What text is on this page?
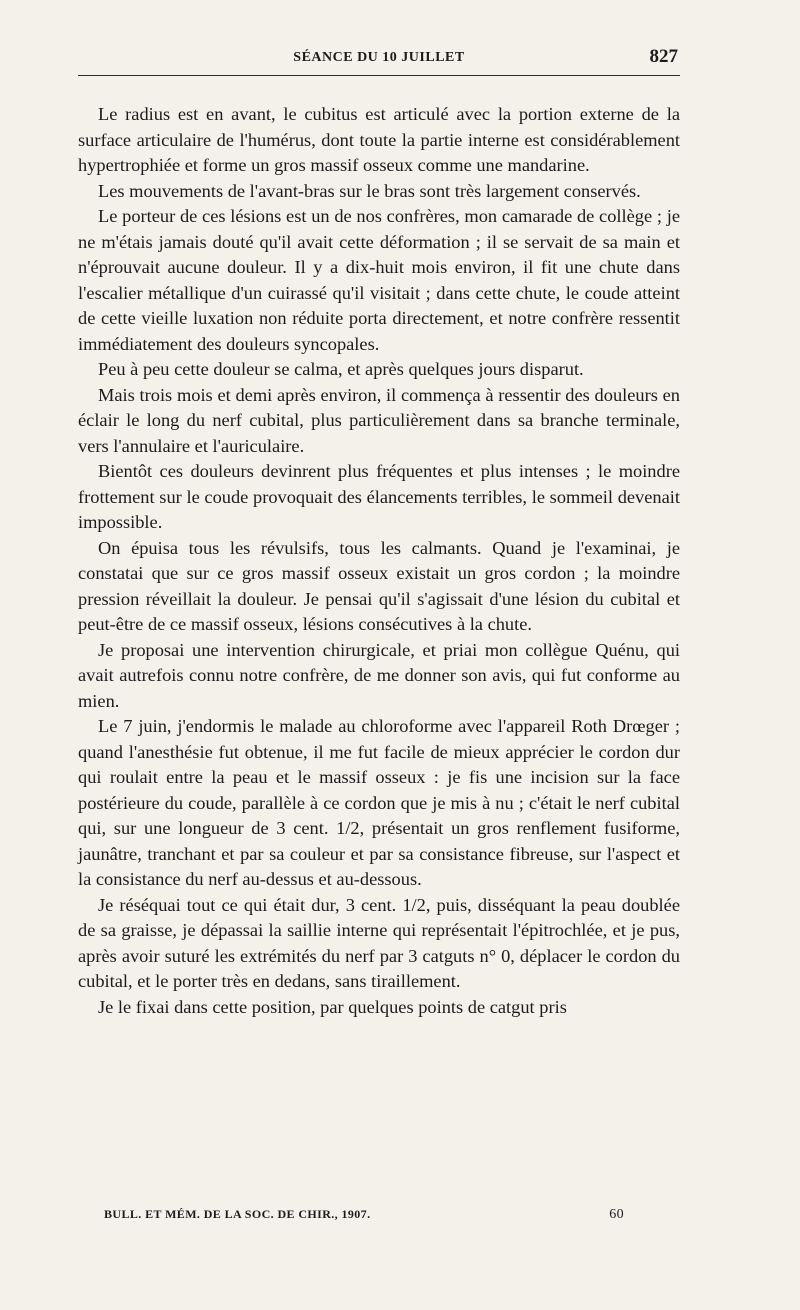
SÉANCE DU 10 JUILLET	827

Le radius est en avant, le cubitus est articulé avec la portion externe de la surface articulaire de l'humérus, dont toute la partie interne est considérablement hypertrophiée et forme un gros massif osseux comme une mandarine.

Les mouvements de l'avant-bras sur le bras sont très largement conservés.

Le porteur de ces lésions est un de nos confrères, mon camarade de collège ; je ne m'étais jamais douté qu'il avait cette déformation ; il se servait de sa main et n'éprouvait aucune douleur. Il y a dix-huit mois environ, il fit une chute dans l'escalier métallique d'un cuirassé qu'il visitait ; dans cette chute, le coude atteint de cette vieille luxation non réduite porta directement, et notre confrère ressentit immédiatement des douleurs syncopales.

Peu à peu cette douleur se calma, et après quelques jours disparut.

Mais trois mois et demi après environ, il commença à ressentir des douleurs en éclair le long du nerf cubital, plus particulièrement dans sa branche terminale, vers l'annulaire et l'auriculaire.

Bientôt ces douleurs devinrent plus fréquentes et plus intenses ; le moindre frottement sur le coude provoquait des élancements terribles, le sommeil devenait impossible.

On épuisa tous les révulsifs, tous les calmants. Quand je l'examinai, je constatai que sur ce gros massif osseux existait un gros cordon ; la moindre pression réveillait la douleur. Je pensai qu'il s'agissait d'une lésion du cubital et peut-être de ce massif osseux, lésions consécutives à la chute.

Je proposai une intervention chirurgicale, et priai mon collègue Quénu, qui avait autrefois connu notre confrère, de me donner son avis, qui fut conforme au mien.

Le 7 juin, j'endormis le malade au chloroforme avec l'appareil Roth Drœger ; quand l'anesthésie fut obtenue, il me fut facile de mieux apprécier le cordon dur qui roulait entre la peau et le massif osseux : je fis une incision sur la face postérieure du coude, parallèle à ce cordon que je mis à nu ; c'était le nerf cubital qui, sur une longueur de 3 cent. 1/2, présentait un gros renflement fusiforme, jaunâtre, tranchant et par sa couleur et par sa consistance fibreuse, sur l'aspect et la consistance du nerf au-dessus et au-dessous.

Je réséquai tout ce qui était dur, 3 cent. 1/2, puis, disséquant la peau doublée de sa graisse, je dépassai la saillie interne qui représentait l'épitrochlée, et je pus, après avoir suturé les extrémités du nerf par 3 catguts n° 0, déplacer le cordon du cubital, et le porter très en dedans, sans tiraillement.

Je le fixai dans cette position, par quelques points de catgut pris

BULL. ET MÉM. DE LA SOC. DE CHIR., 1907.	60
